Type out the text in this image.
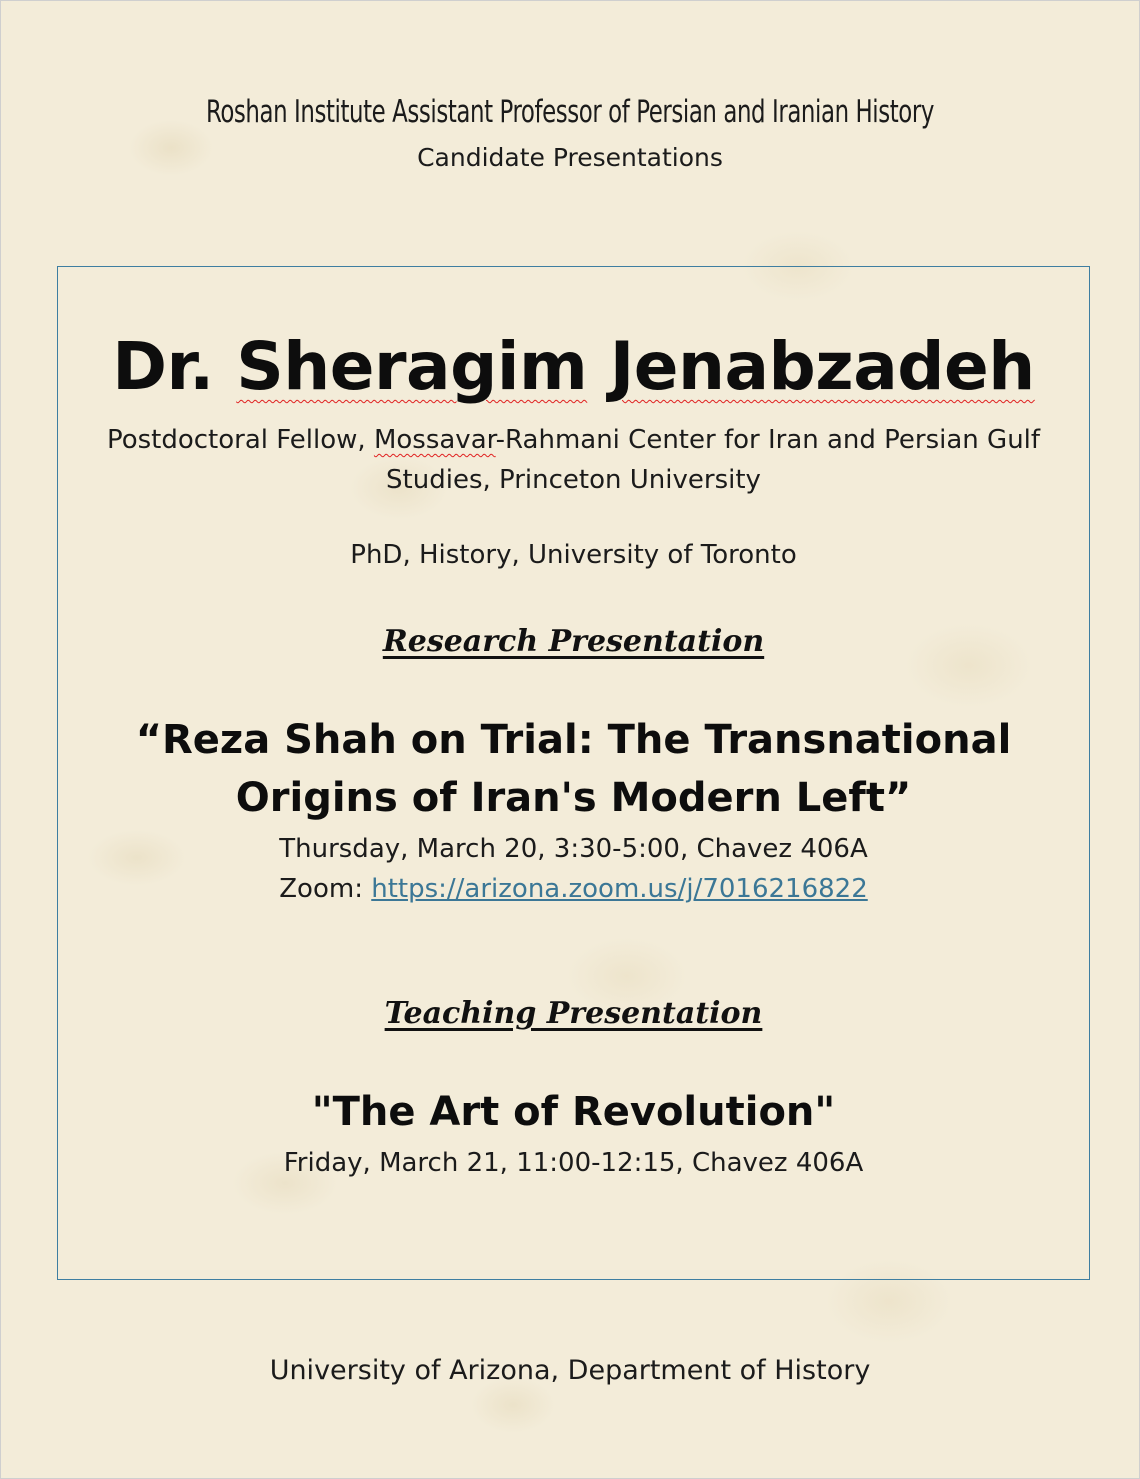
Roshan Institute Assistant Professor of Persian and Iranian History

Candidate Presentations

Dr. Sheragim Jenabzadeh

Postdoctoral Fellow, Mossavar-Rahmani Center for Iran and Persian Gulf Studies, Princeton University

PhD, History, University of Toronto

Research Presentation

“Reza Shah on Trial: The Transnational Origins of Iran's Modern Left”

Thursday, March 20, 3:30-5:00, Chavez 406A
Zoom: https://arizona.zoom.us/j/7016216822

Teaching Presentation

"The Art of Revolution"

Friday, March 21, 11:00-12:15, Chavez 406A

University of Arizona, Department of History
